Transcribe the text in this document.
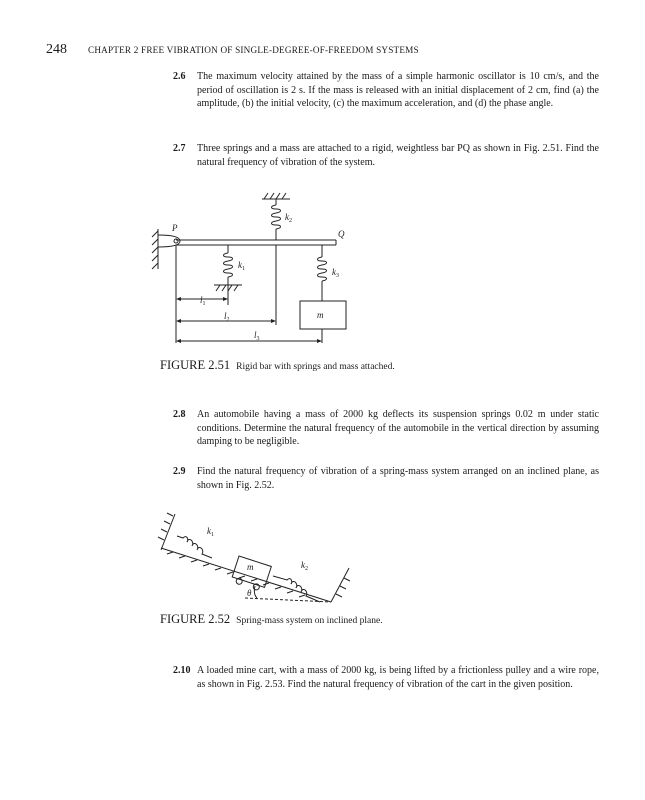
248 CHAPTER 2 FREE VIBRATION OF SINGLE-DEGREE-OF-FREEDOM SYSTEMS
2.6	The maximum velocity attained by the mass of a simple harmonic oscillator is 10 cm/s, and the period of oscillation is 2 s. If the mass is released with an initial displacement of 2 cm, find (a) the amplitude, (b) the initial velocity, (c) the maximum acceleration, and (d) the phase angle.
2.7	Three springs and a mass are attached to a rigid, weightless bar PQ as shown in Fig. 2.51. Find the natural frequency of vibration of the system.
P
Q
$k_2$
$k_1$	$k_3$
m
$l_1$
$l_2$
$l_3$
FIGURE 2.51 Rigid bar with springs and mass attached.
2.8	An automobile having a mass of 2000 kg deflects its suspension springs 0.02 m under static conditions. Determine the natural frequency of the automobile in the vertical direction by assuming damping to be negligible.
2.9	Find the natural frequency of vibration of a spring-mass system arranged on an inclined plane, as shown in Fig. 2.52.
$k_1$
m	$k_2$
θ
FIGURE 2.52 Spring-mass system on inclined plane.
2.10 A loaded mine cart, with a mass of 2000 kg, is being lifted by a frictionless pulley and a wire rope, as shown in Fig. 2.53. Find the natural frequency of vibration of the cart in the given position.
